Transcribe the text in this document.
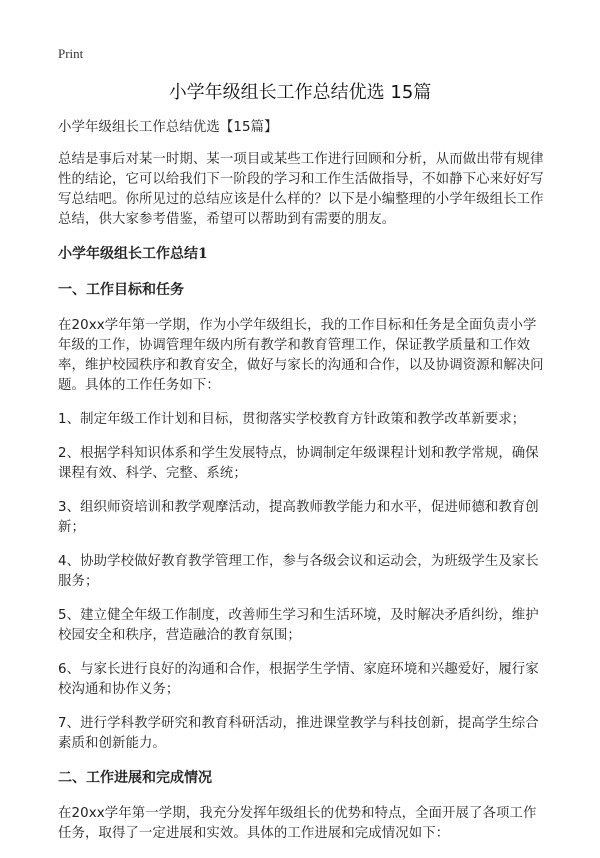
Print
小学年级组长工作总结优选 15篇

小学年级组长工作总结优选【15篇】

总结是事后对某一时期、某一项目或某些工作进行回顾和分析，从而做出带有规律性的结论，它可以给我们下一阶段的学习和工作生活做指导，不如静下心来好好写写总结吧。你所见过的总结应该是什么样的？以下是小编整理的小学年级组长工作总结，供大家参考借鉴，希望可以帮助到有需要的朋友。

小学年级组长工作总结1
一、工作目标和任务

在20xx学年第一学期，作为小学年级组长，我的工作目标和任务是全面负责小学年级的工作，协调管理年级内所有教学和教育管理工作，保证教学质量和工作效率，维护校园秩序和教育安全，做好与家长的沟通和合作，以及协调资源和解决问题。具体的工作任务如下：

1、制定年级工作计划和目标，贯彻落实学校教育方针政策和教学改革新要求；

2、根据学科知识体系和学生发展特点，协调制定年级课程计划和教学常规，确保课程有效、科学、完整、系统；

3、组织师资培训和教学观摩活动，提高教师教学能力和水平，促进师德和教育创新；

4、协助学校做好教育教学管理工作，参与各级会议和运动会，为班级学生及家长服务；

5、建立健全年级工作制度，改善师生学习和生活环境，及时解决矛盾纠纷，维护校园安全和秩序，营造融洽的教育氛围；

6、与家长进行良好的沟通和合作，根据学生学情、家庭环境和兴趣爱好，履行家校沟通和协作义务；

7、进行学科教学研究和教育科研活动，推进课堂教学与科技创新，提高学生综合素质和创新能力。

二、工作进展和完成情况

在20xx学年第一学期，我充分发挥年级组长的优势和特点，全面开展了各项工作任务，取得了一定进展和实效。具体的工作进展和完成情况如下：
